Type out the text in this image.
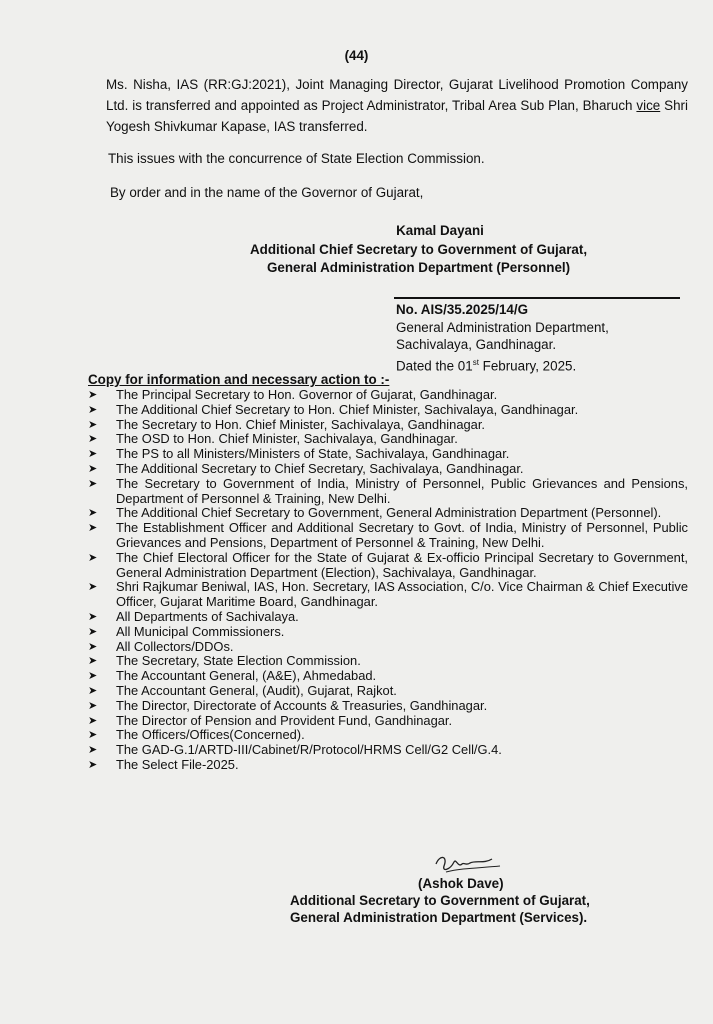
(44)
Ms. Nisha, IAS (RR:GJ:2021), Joint Managing Director, Gujarat Livelihood Promotion Company Ltd. is transferred and appointed as Project Administrator, Tribal Area Sub Plan, Bharuch vice Shri Yogesh Shivkumar Kapase, IAS transferred.
This issues with the concurrence of State Election Commission.
By order and in the name of the Governor of Gujarat,
Kamal Dayani
Additional Chief Secretary to Government of Gujarat,
General Administration Department (Personnel)
No. AIS/35.2025/14/G
General Administration Department,
Sachivalaya, Gandhinagar.
Dated the 01st February, 2025.
Copy for information and necessary action to :-
➤ The Principal Secretary to Hon. Governor of Gujarat, Gandhinagar.
➤ The Additional Chief Secretary to Hon. Chief Minister, Sachivalaya, Gandhinagar.
➤ The Secretary to Hon. Chief Minister, Sachivalaya, Gandhinagar.
➤ The OSD to Hon. Chief Minister, Sachivalaya, Gandhinagar.
➤ The PS to all Ministers/Ministers of State, Sachivalaya, Gandhinagar.
➤ The Additional Secretary to Chief Secretary, Sachivalaya, Gandhinagar.
➤ The Secretary to Government of India, Ministry of Personnel, Public Grievances and Pensions, Department of Personnel & Training, New Delhi.
➤ The Additional Chief Secretary to Government, General Administration Department (Personnel).
➤ The Establishment Officer and Additional Secretary to Govt. of India, Ministry of Personnel, Public Grievances and Pensions, Department of Personnel & Training, New Delhi.
➤ The Chief Electoral Officer for the State of Gujarat & Ex-officio Principal Secretary to Government, General Administration Department (Election), Sachivalaya, Gandhinagar.
➤ Shri Rajkumar Beniwal, IAS, Hon. Secretary, IAS Association, C/o. Vice Chairman & Chief Executive Officer, Gujarat Maritime Board, Gandhinagar.
➤ All Departments of Sachivalaya.
➤ All Municipal Commissioners.
➤ All Collectors/DDOs.
➤ The Secretary, State Election Commission.
➤ The Accountant General, (A&E), Ahmedabad.
➤ The Accountant General, (Audit), Gujarat, Rajkot.
➤ The Director, Directorate of Accounts & Treasuries, Gandhinagar.
➤ The Director of Pension and Provident Fund, Gandhinagar.
➤ The Officers/Offices(Concerned).
➤ The GAD-G.1/ARTD-III/Cabinet/R/Protocol/HRMS Cell/G2 Cell/G.4.
➤ The Select File-2025.
(Ashok Dave)
Additional Secretary to Government of Gujarat,
General Administration Department (Services).
